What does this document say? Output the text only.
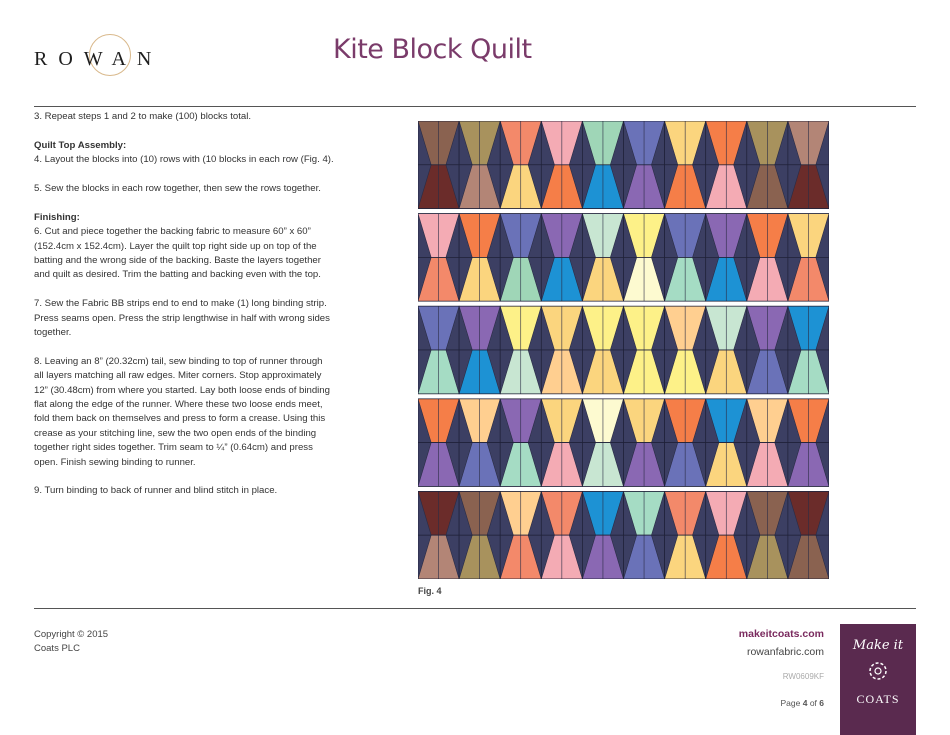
ROWAN	Kite Block Quilt

3. Repeat steps 1 and 2 to make (100) blocks total.

Quilt Top Assembly:

4. Layout the blocks into (10) rows with (10 blocks in each row (Fig. 4).

5. Sew the blocks in each row together, then sew the rows together.

Finishing:

6. Cut and piece together the backing fabric to measure 60” x 60” (152.4cm x 152.4cm). Layer the quilt top right side up on top of the batting and the wrong side of the backing. Baste the layers together and quilt as desired. Trim the batting and backing even with the top.

7. Sew the Fabric BB strips end to end to make (1) long binding strip. Press seams open. Press the strip lengthwise in half with wrong sides together.

8. Leaving an 8” (20.32cm) tail, sew binding to top of runner through all layers matching all raw edges. Miter corners. Stop approximately 12” (30.48cm) from where you started. Lay both loose ends of binding flat along the edge of the runner. Where these two loose ends meet, fold them back on themselves and press to form a crease. Using this crease as your stitching line, sew the two open ends of the binding together right sides together. Trim seam to ¼” (0.64cm) and press open. Finish sewing binding to runner.

9. Turn binding to back of runner and blind stitch in place.

Fig. 4
Copyright © 2015
Coats PLC
makeitcoats.com
rowanfabric.com
RW0609KF
Page 4 of 6
Make it
COATS
